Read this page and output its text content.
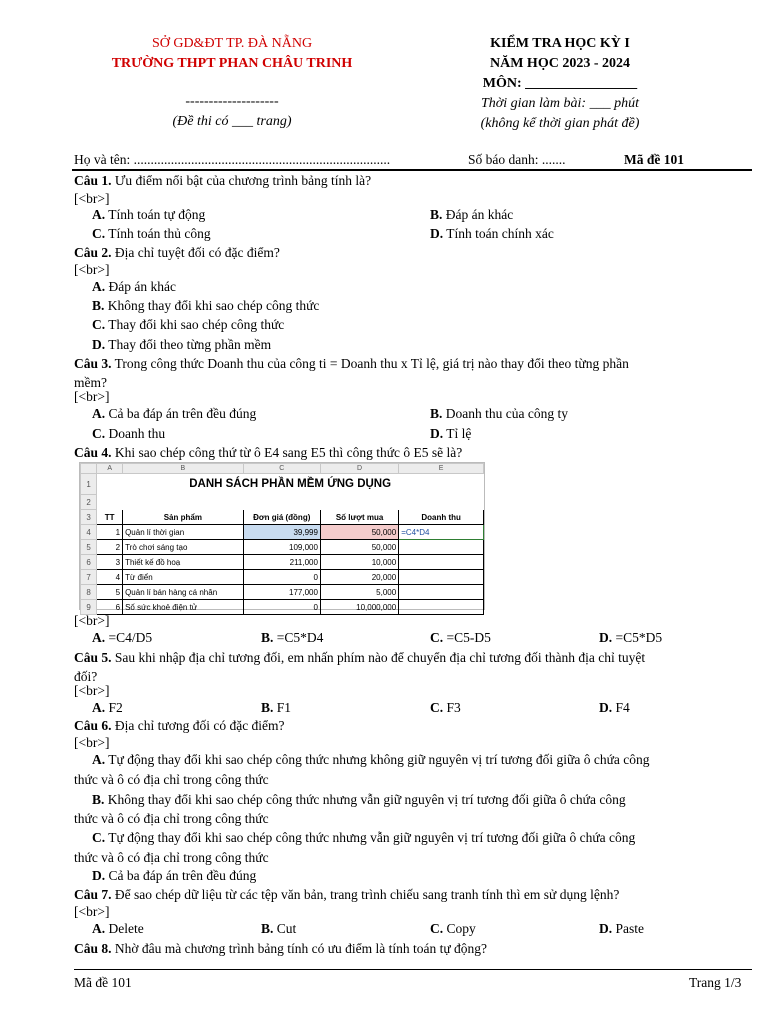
SỞ GD&ĐT TP. ĐÀ NẴNG
TRƯỜNG THPT PHAN CHÂU TRINH
--------------------
(Đề thi có ___ trang)
KIỂM TRA HỌC KỲ I
NĂM HỌC 2023 - 2024
MÔN: ________________
Thời gian làm bài: ___ phút
(không kể thời gian phát đề)
Họ và tên: ............................................................................	Số báo danh: .......	Mã đề 101
Câu 1. Ưu điểm nổi bật của chương trình bảng tính là?
[<br>]
A. Tính toán tự động	B. Đáp án khác
C. Tính toán thủ công	D. Tính toán chính xác
Câu 2. Địa chỉ tuyệt đối có đặc điểm?
[<br>]
A. Đáp án khác
B. Không thay đổi khi sao chép công thức
C. Thay đổi khi sao chép công thức
D. Thay đổi theo từng phần mềm
Câu 3. Trong công thức Doanh thu của công ti = Doanh thu x Tỉ lệ, giá trị nào thay đổi theo từng phần
mềm?
[<br>]
A. Cả ba đáp án trên đều đúng	B. Doanh thu của công ty
C. Doanh thu	D. Tỉ lệ
Câu 4. Khi sao chép công thứ từ ô E4 sang E5 thì công thức ô E5 sẽ là?
	A	B	C	D	E
1	DANH SÁCH PHẦN MỀM ỨNG DỤNG				
2					
3	TT	Sản phẩm	Đơn giá (đồng)	Số lượt mua	Doanh thu
4	1	Quản lí thời gian	39,999	50,000	=C4*D4
5	2	Trò chơi sáng tạo	109,000	50,000	
6	3	Thiết kế đồ hoạ	211,000	10,000	
7	4	Từ điển	0	20,000	
8	5	Quản lí bán hàng cá nhân	177,000	5,000	
9	6	Số sức khoẻ điện tử	0	10,000,000	
[<br>]
A. =C4/D5	B. =C5*D4	C. =C5-D5	D. =C5*D5
Câu 5. Sau khi nhập địa chỉ tương đối, em nhấn phím nào để chuyển địa chỉ tương đối thành địa chỉ tuyệt
đối?
[<br>]
A. F2	B. F1	C. F3	D. F4
Câu 6. Địa chỉ tương đối có đặc điểm?
[<br>]
A. Tự động thay đổi khi sao chép công thức nhưng không giữ nguyên vị trí tương đối giữa ô chứa công
thức và ô có địa chỉ trong công thức
B. Không thay đổi khi sao chép công thức nhưng vẫn giữ nguyên vị trí tương đối giữa ô chứa công
thức và ô có địa chỉ trong công thức
C. Tự động thay đổi khi sao chép công thức nhưng vẫn giữ nguyên vị trí tương đối giữa ô chứa công
thức và ô có địa chỉ trong công thức
D. Cả ba đáp án trên đều đúng
Câu 7. Để sao chép dữ liệu từ các tệp văn bản, trang trình chiếu sang tranh tính thì em sử dụng lệnh?
[<br>]
A. Delete	B. Cut	C. Copy	D. Paste
Câu 8. Nhờ đâu mà chương trình bảng tính có ưu điểm là tính toán tự động?
Mã đề 101	Trang 1/3
